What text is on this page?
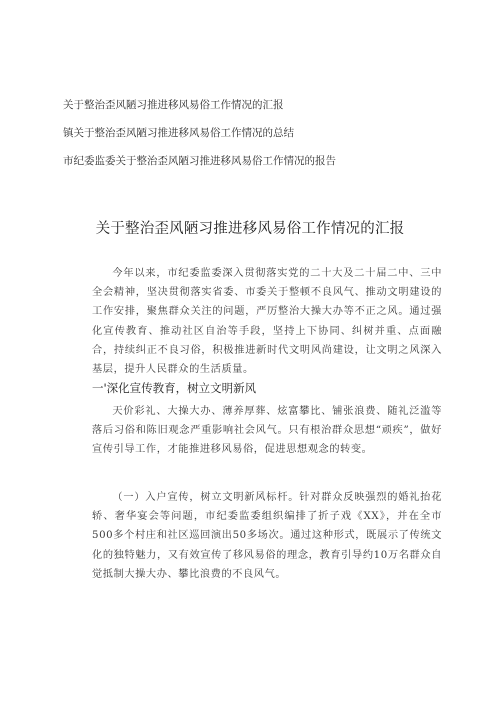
关于整治歪风陋习推进移风易俗工作情况的汇报
镇关于整治歪风陋习推进移风易俗工作情况的总结
市纪委监委关于整治歪风陋习推进移风易俗工作情况的报告
关于整治歪风陋习推进移风易俗工作情况的汇报

今年以来，市纪委监委深入贯彻落实党的二十大及二十届二中、三中全会精神，坚决贯彻落实省委、市委关于整顿不良风气、推动文明建设的工作安排，聚焦群众关注的问题，严厉整治大操大办等不正之风。通过强化宣传教育、推动社区自治等手段，坚持上下协同、纠树并重、点面融合，持续纠正不良习俗，积极推进新时代文明风尚建设，让文明之风深入基层，提升人民群众的生活质量。

一'深化宣传教育，树立文明新风

天价彩礼、大操大办、薄养厚葬、炫富攀比、铺张浪费、随礼泛滥等落后习俗和陈旧观念严重影响社会风气。只有根治群众思想“顽疾”，做好宣传引导工作，才能推进移风易俗，促进思想观念的转变。

（一）入户宣传，树立文明新风标杆。针对群众反映强烈的婚礼抬花轿、奢华宴会等问题，市纪委监委组织编排了折子戏《XX》，并在全市500多个村庄和社区巡回演出50多场次。通过这种形式，既展示了传统文化的独特魅力，又有效宣传了移风易俗的理念，教育引导约10万名群众自觉抵制大操大办、攀比浪费的不良风气。
